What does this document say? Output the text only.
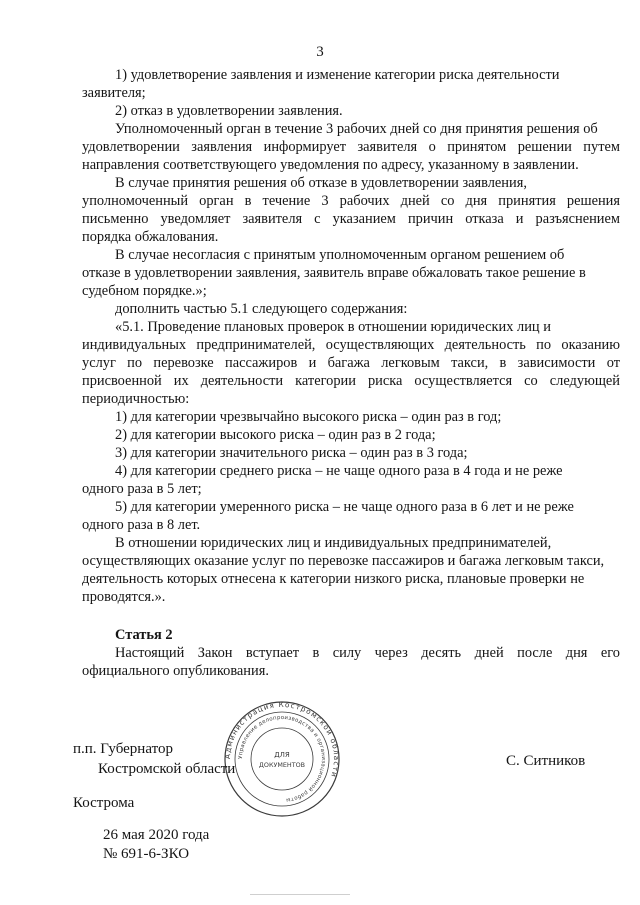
3
1) удовлетворение заявления и изменение категории риска деятельности
заявителя;
2) отказ в удовлетворении заявления.
Уполномоченный орган в течение 3 рабочих дней со дня принятия решения об
удовлетворении заявления информирует заявителя о принятом решении путем
направления соответствующего уведомления по адресу, указанному в заявлении.
В случае принятия решения об отказе в удовлетворении заявления,
уполномоченный орган в течение 3 рабочих дней со дня принятия решения
письменно уведомляет заявителя с указанием причин отказа и разъяснением
порядка обжалования.
В случае несогласия с принятым уполномоченным органом решением об
отказе в удовлетворении заявления, заявитель вправе обжаловать такое решение в
судебном порядке.»;
дополнить частью 5.1 следующего содержания:
«5.1. Проведение плановых проверок в отношении юридических лиц и
индивидуальных предпринимателей, осуществляющих деятельность по оказанию
услуг по перевозке пассажиров и багажа легковым такси, в зависимости от
присвоенной их деятельности категории риска осуществляется со следующей
периодичностью:
1) для категории чрезвычайно высокого риска – один раз в год;
2) для категории высокого риска – один раз в 2 года;
3) для категории значительного риска – один раз в 3 года;
4) для категории среднего риска – не чаще одного раза в 4 года и не реже
одного раза в 5 лет;
5) для категории умеренного риска – не чаще одного раза в 6 лет и не реже
одного раза в 8 лет.
В отношении юридических лиц и индивидуальных предпринимателей,
осуществляющих оказание услуг по перевозке пассажиров и багажа легковым такси,
деятельность которых отнесена к категории низкого риска, плановые проверки не
проводятся.».
Статья 2
Настоящий Закон вступает в силу через десять дней после дня его
официального опубликования.
Администрация Костромской области
Управление делопроизводства и организационной работы
ДЛЯ
ДОКУМЕНТОВ
п.п. Губернатор
Костромской области	С. Ситников
Кострома
26 мая 2020 года
№ 691-6-ЗКО
